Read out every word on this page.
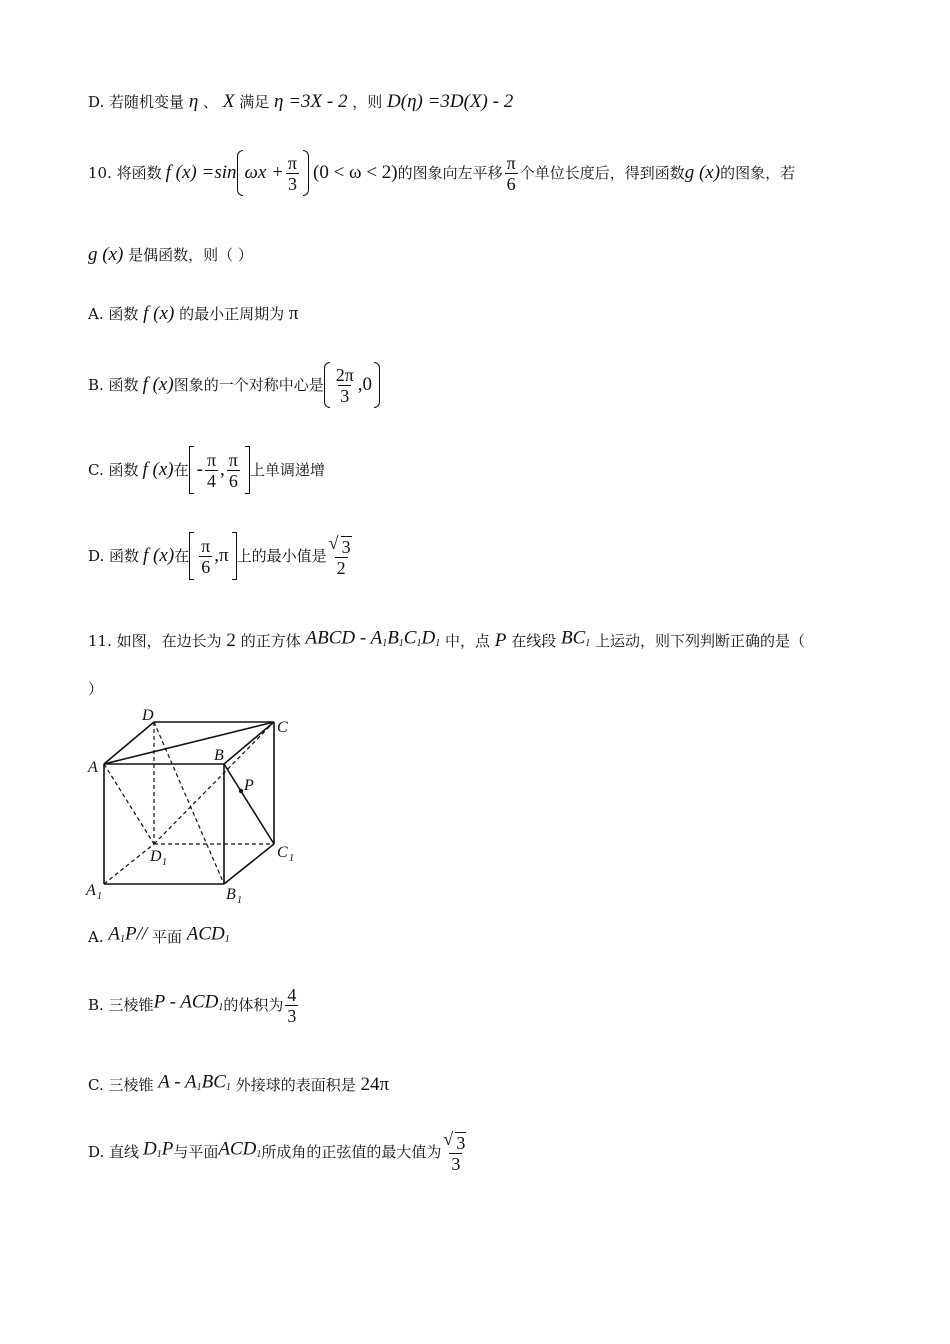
D. 若随机变量 η 、 X 满足 η =3X - 2 ，则 D(η) =3D(X) - 2
10. 将函数 f (x) =sin $\omega x + \frac{\pi}{3} (0 < \omega < 2)$ 的图象向左平移 $\frac{\pi}{6}$ 个单位长度后，得到函数 g (x) 的图象，若
g (x) 是偶函数，则（ ）
A. 函数 f (x) 的最小正周期为 π
B. 函数 f (x) 图象的一个对称中心是 $\frac{2\pi}{3} ,0$
C. 函数 f (x) 在 - $\frac{\pi}{4}$ , $\frac{\pi}{6}$ 上单调递增
D. 函数 f (x) 在 $\frac{\pi}{6} ,\pi$ 上的最小值是 √ $\frac{3}{2}$
11. 如图，在边长为 2 的正方体 ABCD - $A_1B_1C_1D_1$ 中，点 P 在线段 $BC_1$ 上运动，则下列判断正确的是（
）
D
C
A
B
P
D 1
C 1
A 1	B 1
A. $A_1P//$ 平面 $ACD_1$
B. 三棱锥 P - $ACD_1$ 的体积为 $\frac{4}{3}$
C. 三棱锥 A - $A_1BC_1$ 外接球的表面积是 24π
D. 直线 $D_1P$ 与平面 $ACD_1$ 所成角的正弦值的最大值为 √ $\frac{3}{3}$
